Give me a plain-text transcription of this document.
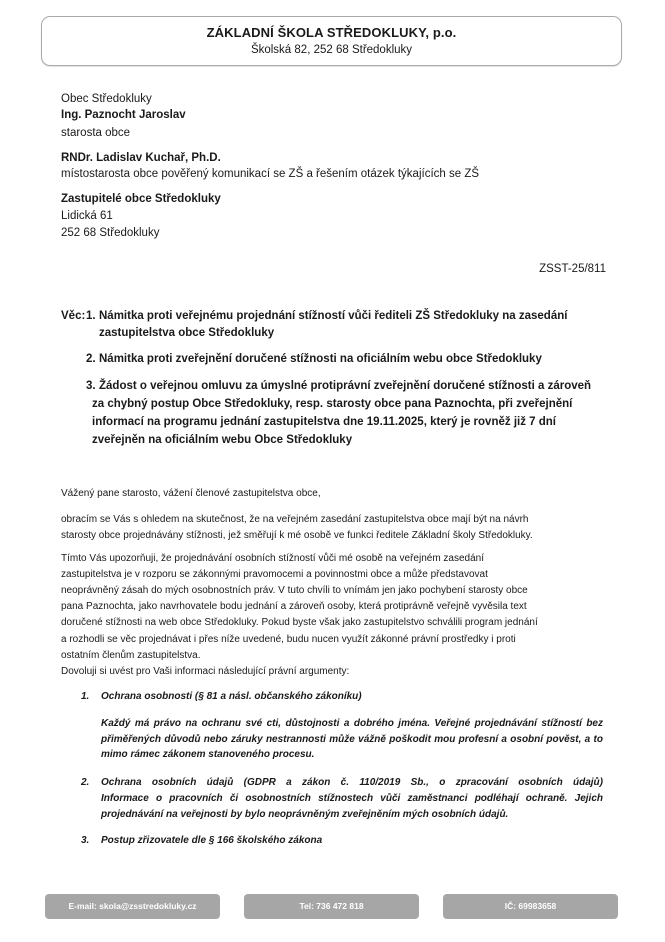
ZÁKLADNÍ ŠKOLA STŘEDOKLUKY, p.o.
Školská 82, 252 68 Středokluky
Obec Středokluky
Ing. Paznocht Jaroslav
starosta obce
RNDr. Ladislav Kuchař, Ph.D.
místostarosta obce pověřený komunikací se ZŠ a řešením otázek týkajících se ZŠ
Zastupitelé obce Středokluky
Lidická 61
252 68 Středokluky
ZSST-25/811
Věc: 1. Námitka proti veřejnému projednání stížností vůči řediteli ZŠ Středokluky na zasedání
zastupitelstva obce Středokluky
2. Námitka proti zveřejnění doručené stížnosti na oficiálním webu obce Středokluky
3. Žádost o veřejnou omluvu za úmyslné protiprávní zveřejnění doručené stížnosti a zároveň
za chybný postup Obce Středokluky, resp. starosty obce pana Paznochta, při zveřejnění
informací na programu jednání zastupitelstva dne 19.11.2025, který je rovněž již 7 dní
zveřejněn na oficiálním webu Obce Středokluky
Vážený pane starosto, vážení členové zastupitelstva obce,
obracím se Vás s ohledem na skutečnost, že na veřejném zasedání zastupitelstva obce mají být na návrh
starosty obce projednávány stížnosti, jež směřují k mé osobě ve funkci ředitele Základní školy Středokluky.
Tímto Vás upozorňuji, že projednávání osobních stížností vůči mé osobě na veřejném zasedání
zastupitelstva je v rozporu se zákonnými pravomocemi a povinnostmi obce a může představovat
neoprávněný zásah do mých osobnostních práv. V tuto chvíli to vnímám jen jako pochybení starosty obce
pana Paznochta, jako navrhovatele bodu jednání a zároveň osoby, která protiprávně veřejně vyvěsila text
doručené stížnosti na web obce Středokluky. Pokud byste však jako zastupitelstvo schválili program jednání
a rozhodli se věc projednávat i přes níže uvedené, budu nucen využít zákonné právní prostředky i proti
ostatním členům zastupitelstva.
Dovoluji si uvést pro Vaši informaci následující právní argumenty:
1. Ochrana osobnosti (§ 81 a násl. občanského zákoníku)
Každý má právo na ochranu své cti, důstojnosti a dobrého jména. Veřejné projednávání stížností bez přiměřených důvodů nebo záruky nestrannosti může vážně poškodit mou profesní a osobní pověst, a to mimo rámec zákonem stanoveného procesu.
2. Ochrana osobních údajů (GDPR a zákon č. 110/2019 Sb., o zpracování osobních údajů)
Informace o pracovních či osobnostních stížnostech vůči zaměstnanci podléhají ochraně. Jejich projednávání na veřejnosti by bylo neoprávněným zveřejněním mých osobních údajů.
3. Postup zřizovatele dle § 166 školského zákona
E-mail: skola@zsstredokluky.cz	Tel: 736 472 818	IČ: 69983658
